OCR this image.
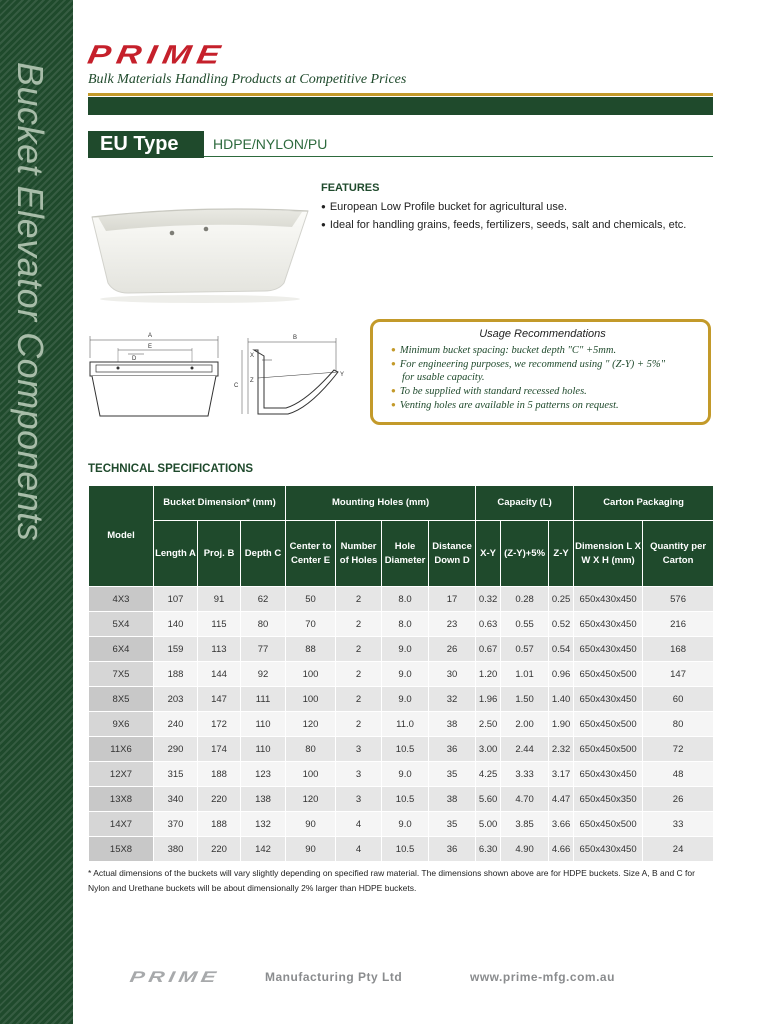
Bucket Elevator Components
PRIME
Bulk Materials Handling Products at Competitive Prices
EU Type	HDPE/NYLON/PU
FEATURES
● European Low Profile bucket for agricultural use.
● Ideal for handling grains, feeds, fertilizers, seeds, salt and chemicals, etc.
A
E
D
B
C
X
Z
Y
Usage Recommendations
● Minimum bucket spacing: bucket depth "C" +5mm.
● For engineering purposes, we recommend using " (Z-Y) + 5%"
for usable capacity.
● To be supplied with standard recessed holes.
● Venting holes are available in 5 patterns on request.
TECHNICAL SPECIFICATIONS
Model	Bucket Dimension* (mm)			Mounting Holes (mm)				Capacity (L)			Carton Packaging	
	Length A	Proj. B	Depth C	Center to Center E	Number of Holes	Hole Diameter	Distance Down D	X-Y	(Z-Y)+5%	Z-Y	Dimension L X W X H (mm)	Quantity per Carton
4X3	107	91	62	50	2	8.0	17	0.32	0.28	0.25	650x430x450	576
5X4	140	115	80	70	2	8.0	23	0.63	0.55	0.52	650x430x450	216
6X4	159	113	77	88	2	9.0	26	0.67	0.57	0.54	650x430x450	168
7X5	188	144	92	100	2	9.0	30	1.20	1.01	0.96	650x450x500	147
8X5	203	147	111	100	2	9.0	32	1.96	1.50	1.40	650x430x450	60
9X6	240	172	110	120	2	11.0	38	2.50	2.00	1.90	650x450x500	80
11X6	290	174	110	80	3	10.5	36	3.00	2.44	2.32	650x450x500	72
12X7	315	188	123	100	3	9.0	35	4.25	3.33	3.17	650x430x450	48
13X8	340	220	138	120	3	10.5	38	5.60	4.70	4.47	650x450x350	26
14X7	370	188	132	90	4	9.0	35	5.00	3.85	3.66	650x450x500	33
15X8	380	220	142	90	4	10.5	36	6.30	4.90	4.66	650x430x450	24
* Actual dimensions of the buckets will vary slightly depending on specified raw material. The dimensions shown above are for HDPE buckets. Size A, B and C for Nylon and Urethane buckets will be about dimensionally 2% larger than HDPE buckets.
PRIME	Manufacturing Pty Ltd	www.prime-mfg.com.au
